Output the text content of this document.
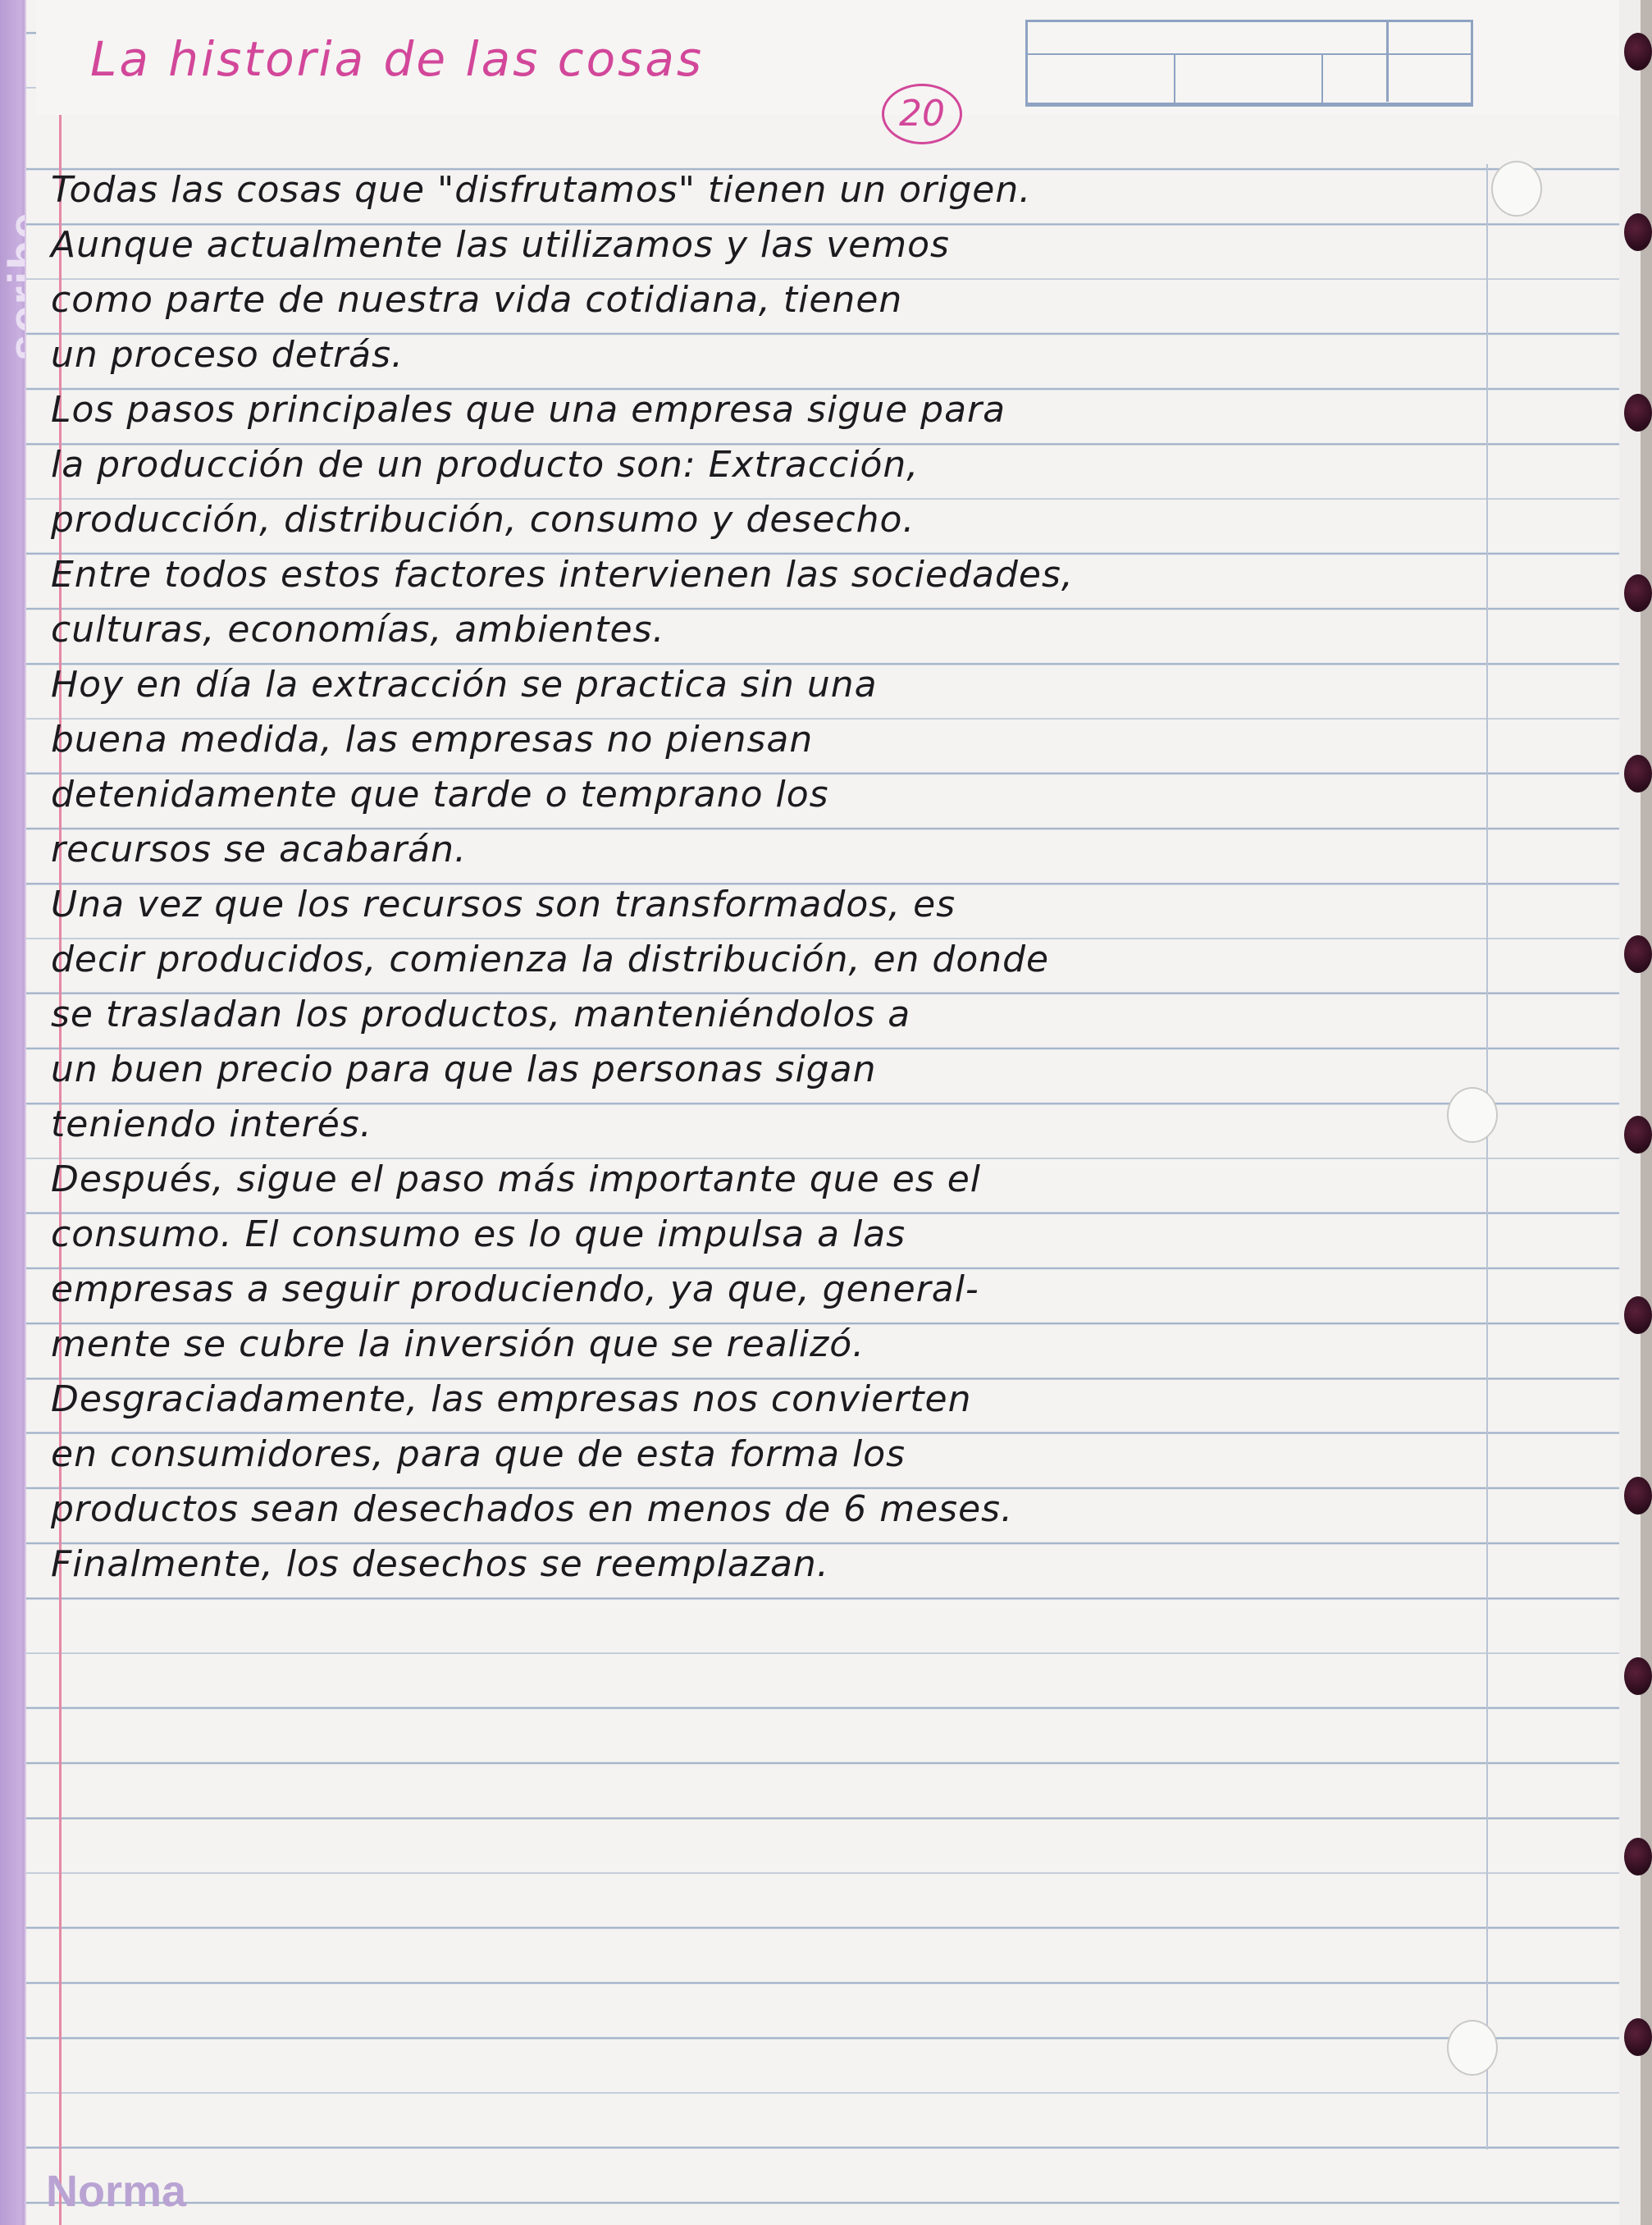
La historia de las cosas
20
Todas las cosas que "disfrutamos" tienen un origen.
Aunque actualmente las utilizamos y las vemos
como parte de nuestra vida cotidiana, tienen
un proceso detrás.
Los pasos principales que una empresa sigue para
la producción de un producto son: Extracción,
producción, distribución, consumo y desecho.
Entre todos estos factores intervienen las sociedades,
culturas, economías, ambientes.
Hoy en día la extracción se practica sin una
buena medida, las empresas no piensan
detenidamente que tarde o temprano los
recursos se acabarán.
Una vez que los recursos son transformados, es
decir producidos, comienza la distribución, en donde
se trasladan los productos, manteniéndolos a
un buen precio para que las personas sigan
teniendo interés.
Después, sigue el paso más importante que es el
consumo. El consumo es lo que impulsa a las
empresas a seguir produciendo, ya que, general-
mente se cubre la inversión que se realizó.
Desgraciadamente, las empresas nos convierten
en consumidores, para que de esta forma los
productos sean desechados en menos de 6 meses.
Finalmente, los desechos se reemplazan.
Norma
